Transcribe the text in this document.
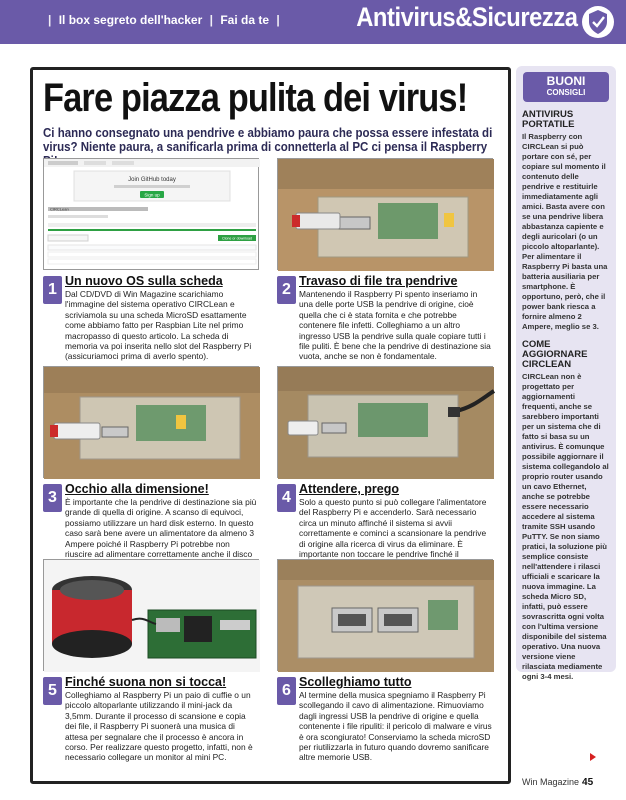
| Il box segreto dell'hacker | Fai da te |	Antivirus&Sicurezza
Fare piazza pulita dei virus!

Ci hanno consegnato una pendrive e abbiamo paura che possa essere infestata di virus? Niente paura, a sanificarla prima di connetterla al PC ci pensa il Raspberry

Join GitHub today
Sign up
CIRCLean
Clone or download
1 Un nuovo OS sulla scheda
Dal CD/DVD di Win Magazine scarichiamo l'immagine del sistema operativo CIRCLean e scriviamola su una scheda MicroSD esattamente come abbiamo fatto per Raspbian Lite nel primo macropasso di questo articolo. La scheda di memoria va poi inserita nello slot del Raspberry Pi (assicuriamoci prima di averlo spento).
2 Travaso di file tra pendrive
Mantenendo il Raspberry Pi spento inseriamo in una delle porte USB la pendrive di origine, cioè quella che ci è stata fornita e che potrebbe contenere file infetti. Colleghiamo a un altro ingresso USB la pendrive sulla quale copiare tutti i file puliti. È bene che la pendrive di destinazione sia vuota, anche se non è fondamentale.
3 Occhio alla dimensione!
È importante che la pendrive di destinazione sia più grande di quella di origine. A scanso di equivoci, possiamo utilizzare un hard disk esterno. In questo caso sarà bene avere un alimentatore da almeno 3 Ampere poiché il Raspberry Pi potrebbe non riuscire ad alimentare correttamente anche il disco
4 Attendere, prego
Solo a questo punto si può collegare l'alimentatore del Raspberry Pi e accenderlo. Sarà necessario circa un minuto affinché il sistema si avvii correttamente e cominci a scansionare la pendrive di origine alla ricerca di virus da eliminare. È importante non toccare le pendrive finché il
5 Finché suona non si tocca!
Colleghiamo al Raspberry Pi un paio di cuffie o un piccolo altoparlante utilizzando il mini-jack da 3,5mm. Durante il processo di scansione e copia dei file, il Raspberry Pi suonerà una musica di attesa per segnalare che il processo è ancora in corso. Per realizzare questo progetto, infatti, non è necessario collegare un monitor al mini PC.
6 Scolleghiamo tutto
Al termine della musica spegniamo il Raspberry Pi scollegando il cavo di alimentazione. Rimuoviamo dagli ingressi USB la pendrive di origine e quella contenente i file ripuliti: il pericolo di malware e virus è ora scongiurato! Conserviamo la scheda microSD per riutilizzarla in futuro quando dovremo sanificare altre memorie USB.
BUONI
CONSIGLI
ANTIVIRUS PORTATILE
Il Raspberry con CIRCLean si può portare con sé, per copiare sul momento il contenuto delle pendrive e restituirle immediatamente agli amici. Basta avere con se una pendrive libera abbastanza capiente e degli auricolari (o un piccolo altoparlante). Per alimentare il Raspberry Pi basta una batteria ausiliaria per smartphone. È opportuno, però, che il power bank riesca a fornire almeno 2 Ampere, meglio se 3.
COME AGGIORNARE CIRCLEAN
CIRCLean non è progettato per aggiornamenti frequenti, anche se sarebbero importanti per un sistema che di fatto si basa su un antivirus. È comunque possibile aggiornare il sistema collegandolo al proprio router usando un cavo Ethernet, anche se potrebbe essere necessario accedere al sistema tramite SSH usando PuTTY. Se non siamo pratici, la soluzione più semplice consiste nell'attendere i rilasci ufficiali e scaricare la nuova immagine. La scheda Micro SD, infatti, può essere sovrascritta ogni volta con l'ultima versione disponibile del sistema operativo. Una nuova versione viene rilasciata mediamente ogni 3-4 mesi.
Win Magazine 45
